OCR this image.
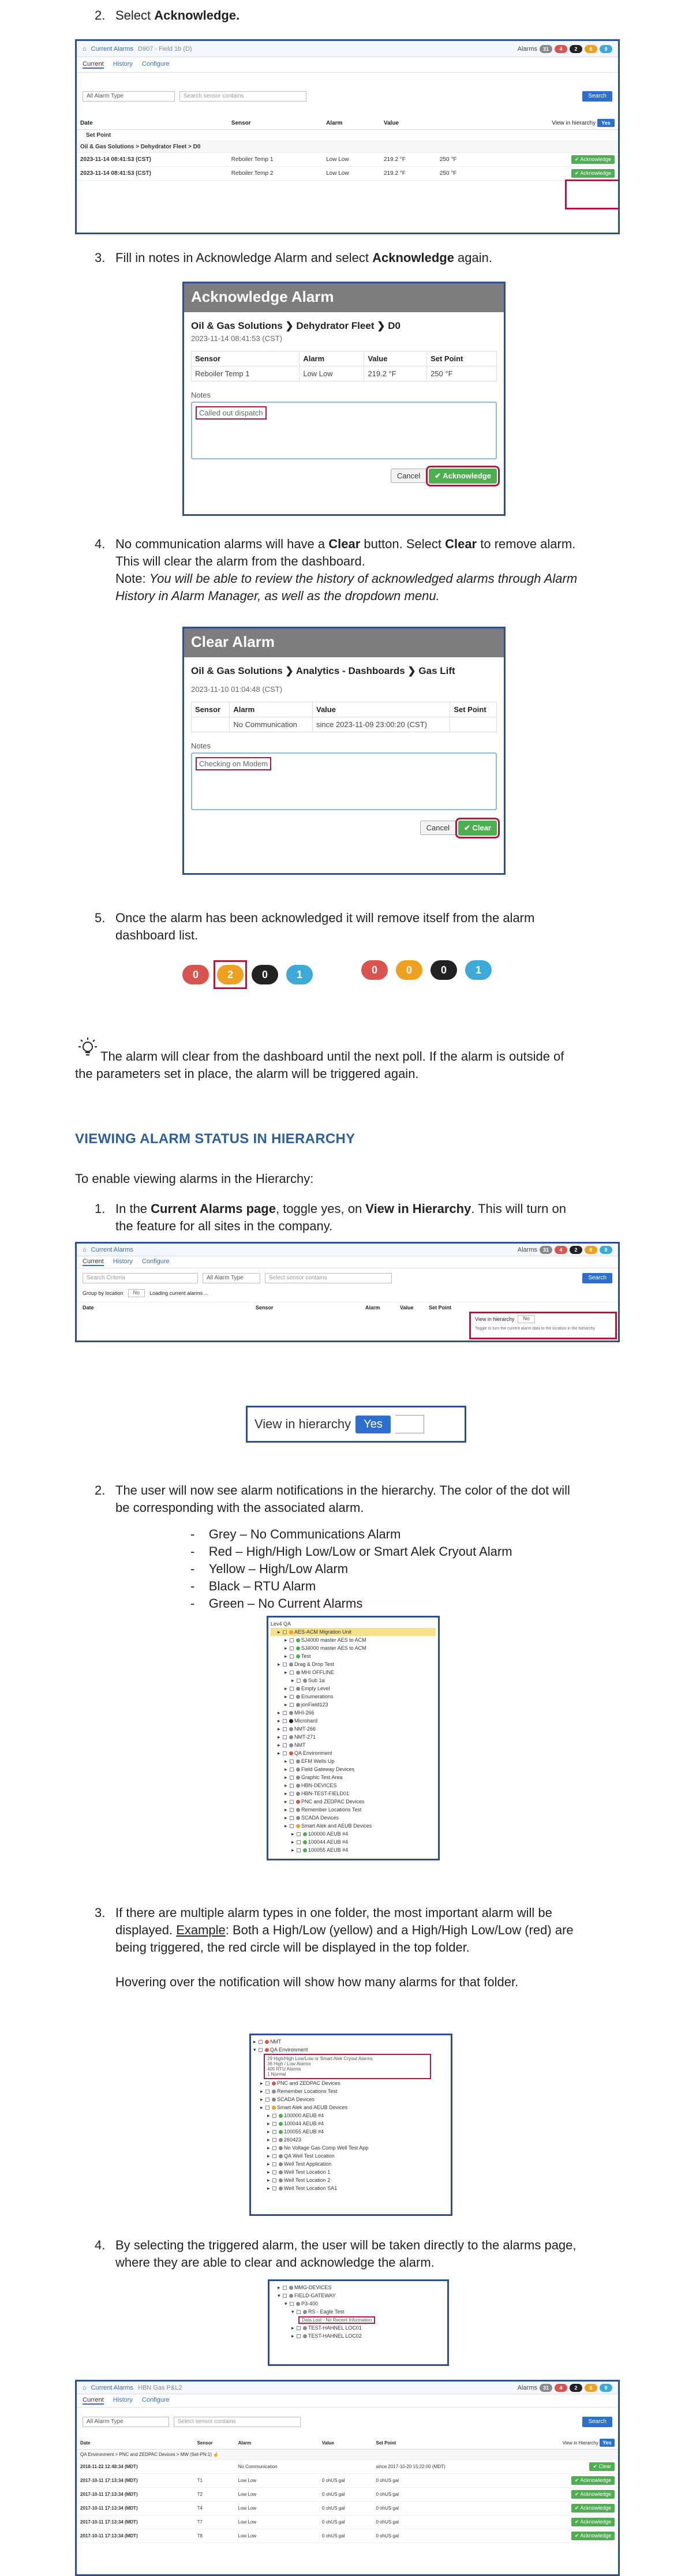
2. Select Acknowledge.
⌂ Current Alarms D907 - Field 1b (D)	Alarms	31	4	2	6	9
Current History Configure
All Alarm Type	Search sensor contains	Search
Date	Sensor	Alarm	Value		View in hierarchy Yes
Set Point					
Oil & Gas Solutions > Dehydrator Fleet > D0					
2023-11-14 08:41:53 (CST)	Reboiler Temp 1	Low Low	219.2 °F	250 °F	✔ Acknowledge
2023-11-14 08:41:53 (CST)	Reboiler Temp 2	Low Low	219.2 °F	250 °F	✔ Acknowledge
3. Fill in notes in Acknowledge Alarm and select Acknowledge again.
Acknowledge Alarm
Oil & Gas Solutions ❯ Dehydrator Fleet ❯ D0
2023-11-14 08:41:53 (CST)
Sensor	Alarm	Value	Set Point
Reboiler Temp 1	Low Low	219.2 °F	250 °F
Notes
Called out dispatch
Cancel ✔ Acknowledge
4. No communication alarms will have a Clear button. Select Clear to remove alarm.
This will clear the alarm from the dashboard.
Note: You will be able to review the history of acknowledged alarms through Alarm
History in Alarm Manager, as well as the dropdown menu.
Clear Alarm
Oil & Gas Solutions ❯ Analytics - Dashboards ❯ Gas Lift
2023-11-10 01:04:48 (CST)
Sensor	Alarm	Value	Set Point
	No Communication	since 2023-11-09 23:00:20 (CST)	
Notes
Checking on Modem
Cancel ✔ Clear
5. Once the alarm has been acknowledged it will remove itself from the alarm
dashboard list.
0	2	0	1	0	0	0	1
The alarm will clear from the dashboard until the next poll. If the alarm is outside of
the parameters set in place, the alarm will be triggered again.
VIEWING ALARM STATUS IN HIERARCHY
To enable viewing alarms in the Hierarchy:
1. In the Current Alarms page, toggle yes, on View in Hierarchy. This will turn on
the feature for all sites in the company.
⌂ Current Alarms	Alarms	31	4	2	6	9
Current History Configure
Search Criteria	All Alarm Type	Select sensor contains	Search
Group by location	No	Loading current alarms ...
Date	Sensor	Alarm	Value	Set Point
View in hierarchy	No
Toggle to turn the current alarm data to the location in the hierarchy
View in hierarchy	Yes
2. The user will now see alarm notifications in the hierarchy. The color of the dot will
be corresponding with the associated alarm.
-    Grey – No Communications Alarm
-    Red – High/High Low/Low or Smart Alek Cryout Alarm
-    Yellow – High/Low Alarm
-    Black – RTU Alarm
-    Green – No Current Alarms
Lev4 QA
▸ AES-ACM Migration Unit
▸ SJ4000 master AES to ACM
▸ SJ4000 master AES to ACM
▸ Test
▸ Drag & Drop Test
▸ MHI OFFLINE
▸ Sub 1a
▸ Empty Level
▸ Enumerations
▸ jonField123
▸ MHI-266
▸ Microhard
▸ NMT-266
▸ NMT-271
▸ NMT
▸ QA Environment
▸ EFM Wells Up
▸ Field Gateway Devices
▸ Graphic Test Area
▸ HBN-DEVICES
▸ HBN-TEST-FIELD01
▸ PNC and ZEDPAC Devices
▸ Remember Locations Test
▸ SCADA Devices
▸ Smart Alek and AEUB Devices
▸ 100000 AEUB #4
▸ 100044 AEUB #4
▸ 100055 AEUB #4
3. If there are multiple alarm types in one folder, the most important alarm will be
displayed. Example: Both a High/Low (yellow) and a High/High Low/Low (red) are
being triggered, the red circle will be displayed in the top folder.

Hovering over the notification will show how many alarms for that folder.
▸ NMT
▾ QA Environment
29 High/High Low/Low or Smart Alek Cryout Alarms
36 High / Low Alarms
405 RTU Alarms
1 Normal
▸ PNC and ZEDPAC Devices
▸ Remember Locations Test
▸ SCADA Devices
▸ Smart Alek and AEUB Devices
▸ 100000 AEUB #4
▸ 100044 AEUB #4
▸ 100055 AEUB #4
▸ 260423
▸ No Voltage Gas Comp Well Test App
▸ QA Well Test Location
▸ Well Test Application
▸ Well Test Location 1
▸ Well Test Location 2
▸ Well Test Location SA1
4. By selecting the triggered alarm, the user will be taken directly to the alarms page,
where they are able to clear and acknowledge the alarm.
▸ MMG-DEVICES
▾ FIELD-GATEWAY
▾ P3-400
▾ RS - Eagle Test
Data Lost - No Recent Information
▸ TEST-HAHNEL LOC01
▸ TEST-HAHNEL LOC02
⌂ Current Alarms HBN Gas P&L2	Alarms	31	4	2	6	9
Current History Configure
All Alarm Type	Select sensor contains	Search
Date	Sensor	Alarm	Value	Set Point	View in Hierarchy Yes
QA Environment > PNC and ZEDPAC Devices > MW (Set-PN:1) ☝					
2018-11-22 12:48:34 (MDT)		No Communication		since 2017-10-20 15:22:00 (MDT)	✔ Clear
2017-10-11 17:13:34 (MDT)	T1	Low Low	0 ohUS gal	0 ohUS gal	✔ Acknowledge
2017-10-11 17:13:34 (MDT)	T2	Low Low	0 ohUS gal	0 ohUS gal	✔ Acknowledge
2017-10-11 17:13:34 (MDT)	T4	Low Low	0 ohUS gal	0 ohUS gal	✔ Acknowledge
2017-10-11 17:13:34 (MDT)	T7	Low Low	0 ohUS gal	0 ohUS gal	✔ Acknowledge
2017-10-11 17:13:34 (MDT)	T8	Low Low	0 ohUS gal	0 ohUS gal	✔ Acknowledge
